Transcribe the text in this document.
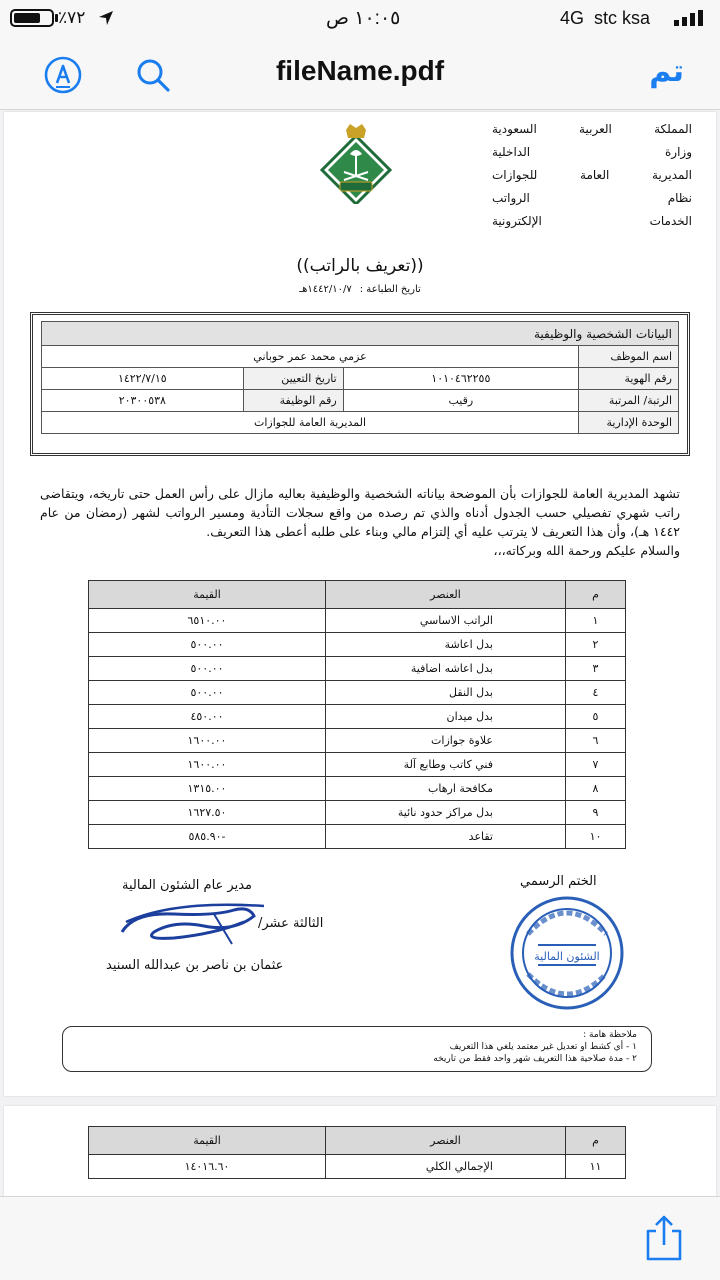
4G stc ksa
١٠:٠٥ ص
٪٧٢
fileName.pdf	تم
المملكة العربية السعودية
وزارة الداخلية
المديرية العامة للجوازات
نظام الرواتب
الخدمات الإلكترونية
((تعريف بالراتب))
تاريخ الطباعة :١٤٤٢/١٠/٧هـ
البيانات الشخصية والوظيفية			
اسم الموظف	عزمي محمد عمر حوباني		
رقم الهوية	١٠١٠٤٦٢٢٥٥	تاريخ التعيين	١٤٢٢/٧/١٥
الرتبة/ المرتبة	رقيب	رقم الوظيفة	٢٠٣٠٠٥٣٨
الوحدة الإدارية	المديرية العامة للجوازات		
تشهد المديرية العامة للجوازات بأن الموضحة بياناته الشخصية والوظيفية بعاليه مازال على رأس العمل حتى تاريخه، ويتقاضى راتب شهري تفصيلي حسب الجدول أدناه والذي تم رصده من واقع سجلات التأدية ومسير الرواتب لشهر (رمضان من عام ١٤٤٢ هـ)، وأن هذا التعريف لا يترتب عليه أي إلتزام مالي وبناء على طلبه أعطى هذا التعريف.
والسلام عليكم ورحمة الله وبركاته،،،
م	العنصر	القيمة
١	الراتب الاساسي	٦٥١٠.٠٠
٢	بدل اعاشة	٥٠٠.٠٠
٣	بدل اعاشه اضافية	٥٠٠.٠٠
٤	بدل النقل	٥٠٠.٠٠
٥	بدل ميدان	٤٥٠.٠٠
٦	علاوة جوازات	١٦٠٠.٠٠
٧	فني كاتب وطابع آلة	١٦٠٠.٠٠
٨	مكافحة ارهاب	١٣١٥.٠٠
٩	بدل مراكز حدود نائية	١٦٢٧.٥٠
١٠	تقاعد	-٥٨٥.٩٠
الختم الرسمي
الشئون المالية
مدير عام الشئون المالية
الثالثة عشر/
عثمان بن ناصر بن عبدالله السنيد
ملاحظة هامة :
١ - أي كشط او تعديل غير معتمد يلغي هذا التعريف
٢ - مدة صلاحية هذا التعريف شهر واحد فقط من تاريخه
م	العنصر	القيمة
١١	الإجمالي الكلي	١٤٠١٦.٦٠
